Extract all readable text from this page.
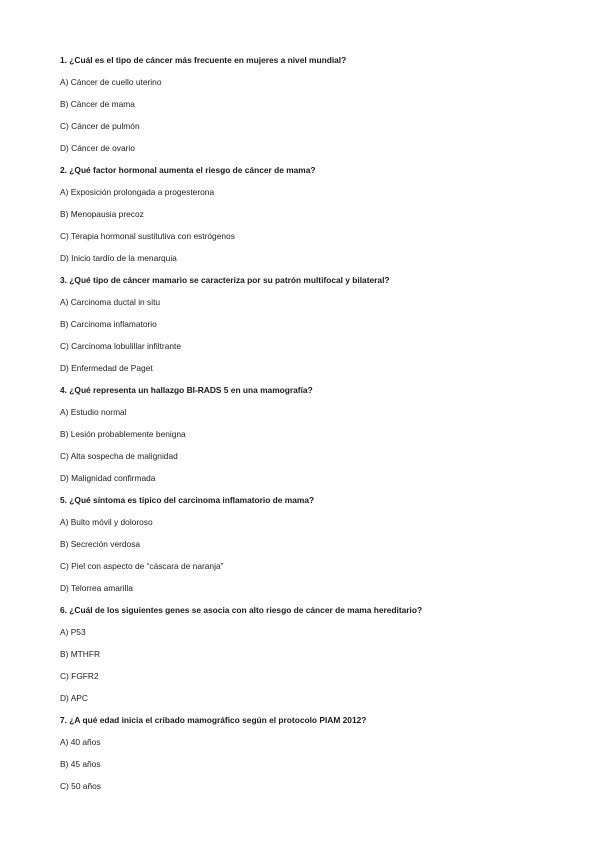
1. ¿Cuál es el tipo de cáncer más frecuente en mujeres a nivel mundial?

A) Cáncer de cuello uterino

B) Cáncer de mama

C) Cáncer de pulmón

D) Cáncer de ovario

2. ¿Qué factor hormonal aumenta el riesgo de cáncer de mama?

A) Exposición prolongada a progesterona

B) Menopausia precoz

C) Terapia hormonal sustitutiva con estrógenos

D) Inicio tardío de la menarquia

3. ¿Qué tipo de cáncer mamario se caracteriza por su patrón multifocal y bilateral?

A) Carcinoma ductal in situ

B) Carcinoma inflamatorio

C) Carcinoma lobulillar infiltrante

D) Enfermedad de Paget

4. ¿Qué representa un hallazgo BI-RADS 5 en una mamografía?

A) Estudio normal

B) Lesión probablemente benigna

C) Alta sospecha de malignidad

D) Malignidad confirmada

5. ¿Qué síntoma es típico del carcinoma inflamatorio de mama?

A) Bulto móvil y doloroso

B) Secreción verdosa

C) Piel con aspecto de “cáscara de naranja”

D) Telorrea amarilla

6. ¿Cuál de los siguientes genes se asocia con alto riesgo de cáncer de mama hereditario?

A) P53

B) MTHFR

C) FGFR2

D) APC

7. ¿A qué edad inicia el cribado mamográfico según el protocolo PIAM 2012?

A) 40 años

B) 45 años

C) 50 años
